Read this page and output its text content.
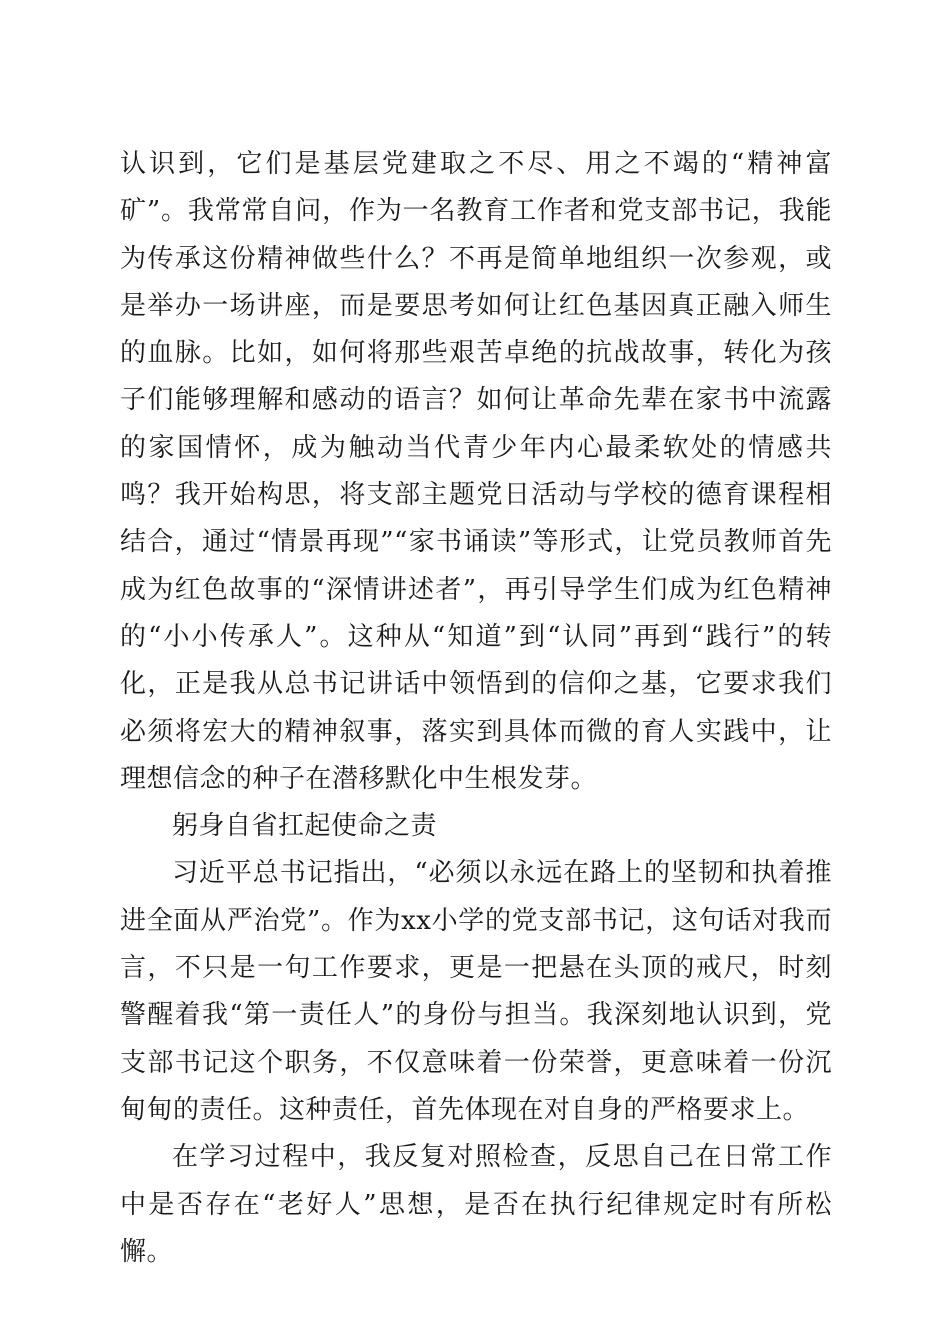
认识到，它们是基层党建取之不尽、用之不竭的“精神富矿”。我常常自问，作为一名教育工作者和党支部书记，我能为传承这份精神做些什么？不再是简单地组织一次参观，或是举办一场讲座，而是要思考如何让红色基因真正融入师生的血脉。比如，如何将那些艰苦卓绝的抗战故事，转化为孩子们能够理解和感动的语言？如何让革命先辈在家书中流露的家国情怀，成为触动当代青少年内心最柔软处的情感共鸣？我开始构思，将支部主题党日活动与学校的德育课程相结合，通过“情景再现”“家书诵读”等形式，让党员教师首先成为红色故事的“深情讲述者”，再引导学生们成为红色精神的“小小传承人”。这种从“知道”到“认同”再到“践行”的转化，正是我从总书记讲话中领悟到的信仰之基，它要求我们必须将宏大的精神叙事，落实到具体而微的育人实践中，让理想信念的种子在潜移默化中生根发芽。

躬身自省扛起使命之责

习近平总书记指出，“必须以永远在路上的坚韧和执着推进全面从严治党”。作为xx小学的党支部书记，这句话对我而言，不只是一句工作要求，更是一把悬在头顶的戒尺，时刻警醒着我“第一责任人”的身份与担当。我深刻地认识到，党支部书记这个职务，不仅意味着一份荣誉，更意味着一份沉甸甸的责任。这种责任，首先体现在对自身的严格要求上。

在学习过程中，我反复对照检查，反思自己在日常工作中是否存在“老好人”思想，是否在执行纪律规定时有所松懈。
